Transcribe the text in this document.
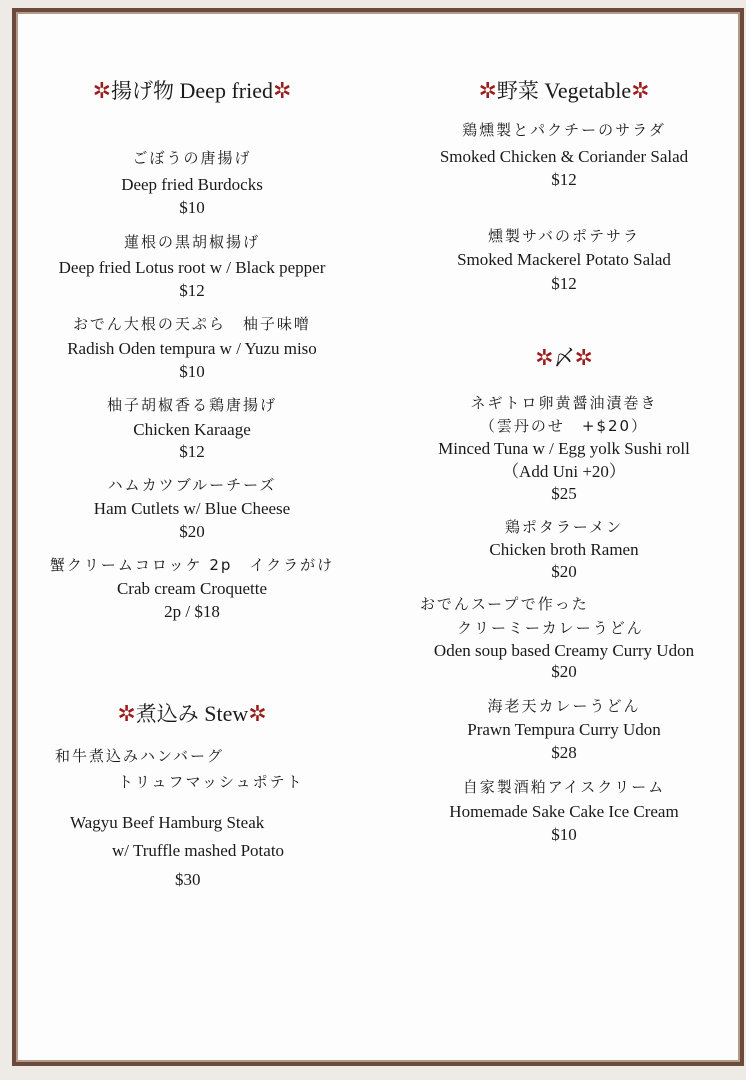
✲揚げ物 Deep fried✲
ごぼうの唐揚げ
Deep fried Burdocks
$10
蓮根の黒胡椒揚げ
Deep fried Lotus root w / Black pepper
$12
おでん大根の天ぷら　柚子味噌
Radish Oden tempura w / Yuzu miso
$10
柚子胡椒香る鶏唐揚げ
Chicken Karaage
$12
ハムカツブルーチーズ
Ham Cutlets w/ Blue Cheese
$20
蟹クリームコロッケ 2p　イクラがけ
Crab cream Croquette
2p / $18
✲煮込み Stew✲
和牛煮込みハンバーグ
トリュフマッシュポテト
Wagyu Beef Hamburg Steak
w/ Truffle mashed Potato
$30
✲野菜 Vegetable✲
鶏燻製とパクチーのサラダ
Smoked Chicken & Coriander Salad
$12
燻製サバのポテサラ
Smoked Mackerel Potato Salad
$12
✲〆✲
ネギトロ卵黄醤油漬巻き
（雲丹のせ　+$20）
Minced Tuna w / Egg yolk Sushi roll
（Add Uni +20）
$25
鶏ポタラーメン
Chicken broth Ramen
$20
おでんスープで作った
クリーミーカレーうどん
Oden soup based Creamy Curry Udon
$20
海老天カレーうどん
Prawn Tempura Curry Udon
$28
自家製酒粕アイスクリーム
Homemade Sake Cake Ice Cream
$10
